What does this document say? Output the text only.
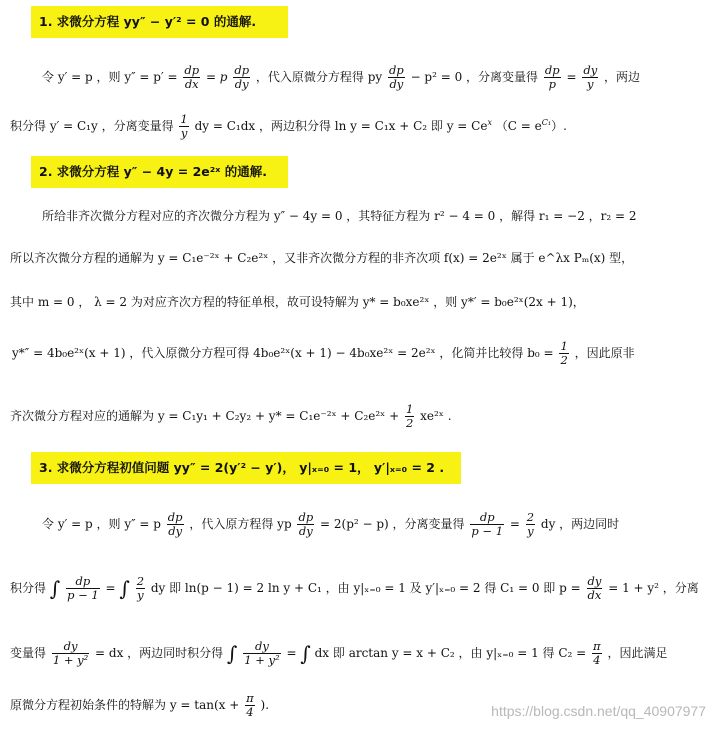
1. 求微分方程 yy″ − y′² = 0 的通解.
令 y′ = p ，则 $y'' = p' = \frac{dp}{dx} = p \frac{dp}{dy}$ ，代入原微分方程得 py $\frac{dp}{dy} - p^2 = 0$ ，分离变量得 $\frac{dp}{p} = \frac{dy}{y}$ ，两边
积分得 y′ = C₁y ，分离变量得 $\frac{1}{y}$ dy = C₁dx ，两边积分得 ln y = C₁x + C₂ 即 $y = Ce^x$ $(C = e^{C_1})$.
2. 求微分方程 y″ − 4y = 2e²ˣ 的通解.
所给非齐次微分方程对应的齐次微分方程为 y″ − 4y = 0 ，其特征方程为 r² − 4 = 0 ，解得 r₁ = −2 ，r₂ = 2
所以齐次微分方程的通解为 y = C₁e⁻²ˣ + C₂e²ˣ ，又非齐次微分方程的非齐次项 f(x) = 2e²ˣ 属于 e^λx Pₘ(x) 型，
其中 m = 0 ， λ = 2 为对应齐次方程的特征单根，故可设特解为 y* = b₀xe²ˣ ，则 y*′ = b₀e²ˣ(2x + 1)，
y*″ = 4b₀e²ˣ(x + 1) ，代入原微分方程可得 4b₀e²ˣ(x + 1) − 4b₀xe²ˣ = 2e²ˣ ，化简并比较得 $b_0 = \frac{1}{2}$ ，因此原非
齐次微分方程对应的通解为 y = C₁y₁ + C₂y₂ + y* = C₁e⁻²ˣ + C₂e²ˣ + $\frac{1}{2}$ xe²ˣ .
3. 求微分方程初值问题 yy″ = 2(y′² − y′)， y|ₓ₌₀ = 1， y′|ₓ₌₀ = 2 .
令 y′ = p ，则 y″ = p $\frac{dp}{dy}$ ，代入原方程得 yp $\frac{dp}{dy} = 2(p^2 - p)$ ，分离变量得 $\frac{dp}{p - 1} = \frac{2}{y}$ dy ，两边同时
积分得 ∫ $\frac{dp}{p - 1}$ = ∫ $\frac{2}{y}$ dy 即 ln(p − 1) = 2 ln y + C₁ ，由 y|ₓ₌₀ = 1 及 y′|ₓ₌₀ = 2 得 C₁ = 0 即 $p = \frac{dy}{dx} = 1 + y^2$ ，分离
变量得 $\frac{dy}{\text{1 + y²}}$ = dx ，两边同时积分得 ∫ $\frac{dy}{\text{1 + y²}}$ = ∫ dx 即 arctan y = x + C₂ ，由 y|ₓ₌₀ = 1 得 $C_2 = \frac{\pi}{4}$ ，因此满足
原微分方程初始条件的特解为 $y = \tan(x + \frac{\pi}{4}$ ).	https://blog.csdn.net/qq_40907977
